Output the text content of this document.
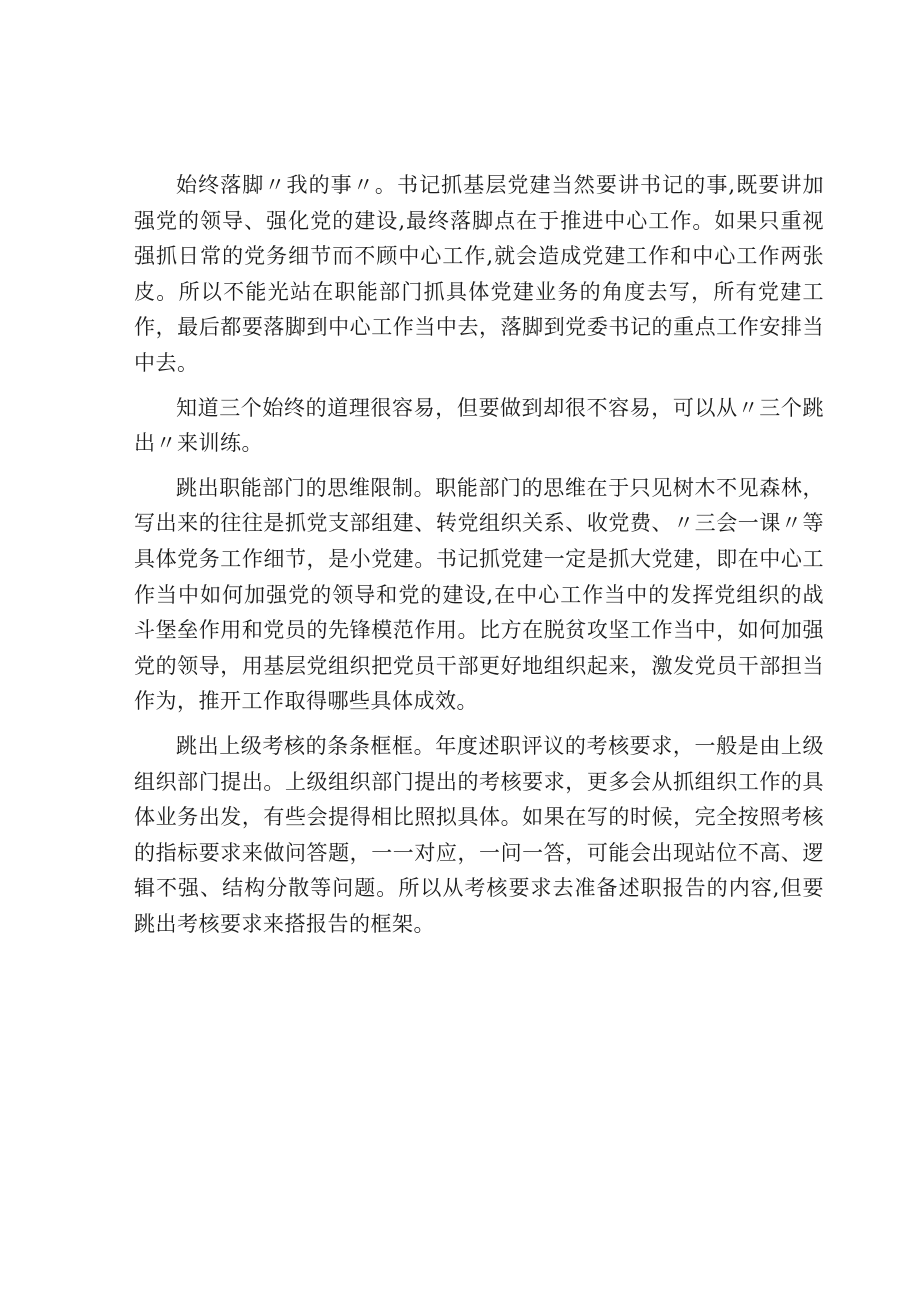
始终落脚〃我的事〃。书记抓基层党建当然要讲书记的事,既要讲加强党的领导、强化党的建设,最终落脚点在于推进中心工作。如果只重视强抓日常的党务细节而不顾中心工作,就会造成党建工作和中心工作两张皮。所以不能光站在职能部门抓具体党建业务的角度去写，所有党建工作，最后都要落脚到中心工作当中去，落脚到党委书记的重点工作安排当中去。

知道三个始终的道理很容易，但要做到却很不容易，可以从〃三个跳出〃来训练。

跳出职能部门的思维限制。职能部门的思维在于只见树木不见森林，写出来的往往是抓党支部组建、转党组织关系、收党费、〃三会一课〃等具体党务工作细节，是小党建。书记抓党建一定是抓大党建，即在中心工作当中如何加强党的领导和党的建设,在中心工作当中的发挥党组织的战斗堡垒作用和党员的先锋模范作用。比方在脱贫攻坚工作当中，如何加强党的领导，用基层党组织把党员干部更好地组织起来，激发党员干部担当作为，推开工作取得哪些具体成效。

跳出上级考核的条条框框。年度述职评议的考核要求，一般是由上级组织部门提出。上级组织部门提出的考核要求，更多会从抓组织工作的具体业务出发，有些会提得相比照拟具体。如果在写的时候，完全按照考核的指标要求来做问答题，一一对应，一问一答，可能会出现站位不高、逻辑不强、结构分散等问题。所以从考核要求去准备述职报告的内容,但要跳出考核要求来搭报告的框架。
